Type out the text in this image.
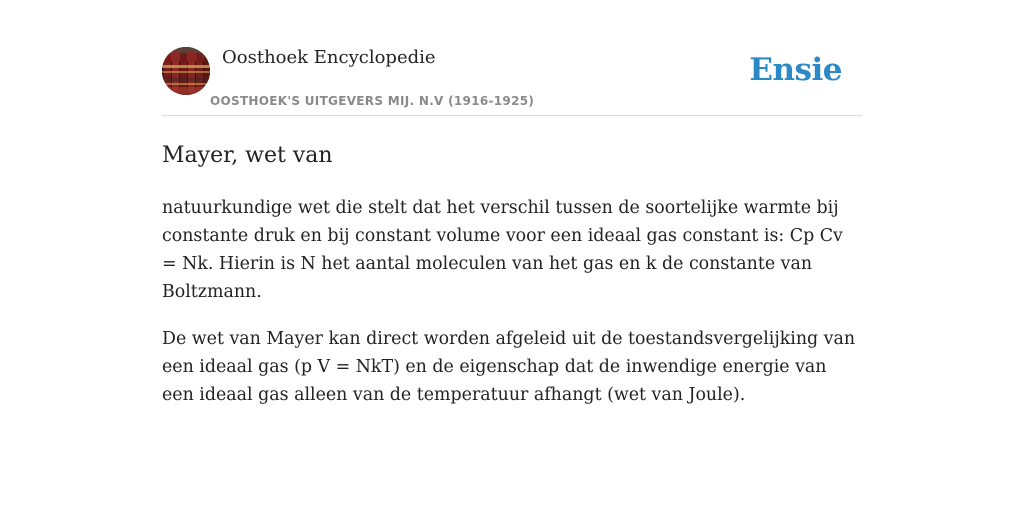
Oosthoek Encyclopedie
OOSTHOEK'S UITGEVERS MIJ. N.V (1916-1925)
Ensie
Mayer, wet van

natuurkundige wet die stelt dat het verschil tussen de soortelijke warmte bij constante druk en bij constant volume voor een ideaal gas constant is: Cp Cv = Nk. Hierin is N het aantal moleculen van het gas en k de constante van Boltzmann.

De wet van Mayer kan direct worden afgeleid uit de toestandsvergelijking van een ideaal gas (p V = NkT) en de eigenschap dat de inwendige energie van een ideaal gas alleen van de temperatuur afhangt (wet van Joule).
